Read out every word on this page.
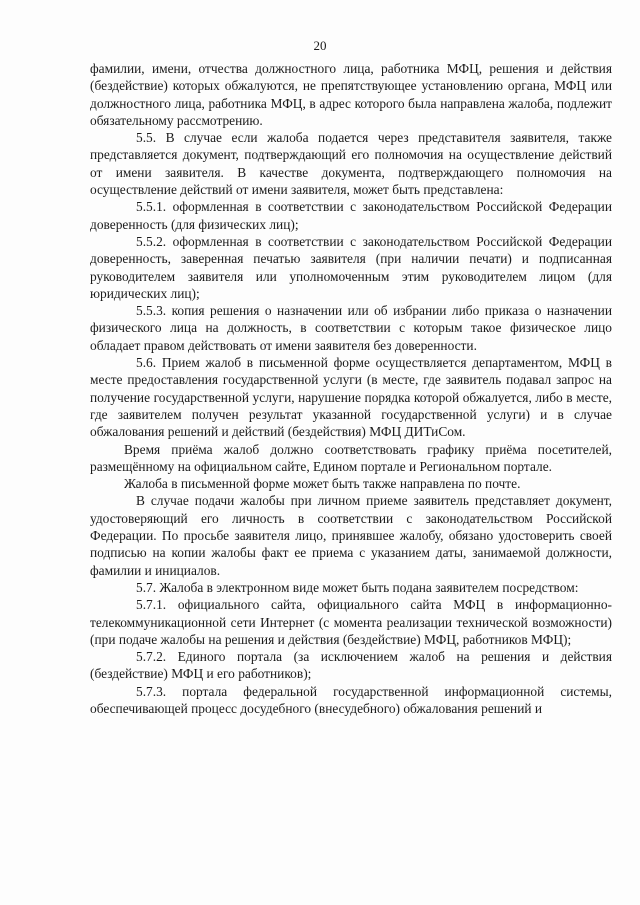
20

фамилии, имени, отчества должностного лица, работника МФЦ, решения и действия (бездействие) которых обжалуются, не препятствующее установлению органа, МФЦ или должностного лица, работника МФЦ, в адрес которого была направлена жалоба, подлежит обязательному рассмотрению.

5.5. В случае если жалоба подается через представителя заявителя, также представляется документ, подтверждающий его полномочия на осуществление действий от имени заявителя. В качестве документа, подтверждающего полномочия на осуществление действий от имени заявителя, может быть представлена:

5.5.1. оформленная в соответствии с законодательством Российской Федерации доверенность (для физических лиц);

5.5.2. оформленная в соответствии с законодательством Российской Федерации доверенность, заверенная печатью заявителя (при наличии печати) и подписанная руководителем заявителя или уполномоченным этим руководителем лицом (для юридических лиц);

5.5.3. копия решения о назначении или об избрании либо приказа о назначении физического лица на должность, в соответствии с которым такое физическое лицо обладает правом действовать от имени заявителя без доверенности.

5.6. Прием жалоб в письменной форме осуществляется департаментом, МФЦ в месте предоставления государственной услуги (в месте, где заявитель подавал запрос на получение государственной услуги, нарушение порядка которой обжалуется, либо в месте, где заявителем получен результат указанной государственной услуги) и в случае обжалования решений и действий (бездействия) МФЦ ДИТиСом.

Время приёма жалоб должно соответствовать графику приёма посетителей, размещённому на официальном сайте, Едином портале и Региональном портале.

Жалоба в письменной форме может быть также направлена по почте.

В случае подачи жалобы при личном приеме заявитель представляет документ, удостоверяющий его личность в соответствии с законодательством Российской Федерации. По просьбе заявителя лицо, принявшее жалобу, обязано удостоверить своей подписью на копии жалобы факт ее приема с указанием даты, занимаемой должности, фамилии и инициалов.

5.7. Жалоба в электронном виде может быть подана заявителем посредством:

5.7.1. официального сайта, официального сайта МФЦ в информационно-телекоммуникационной сети Интернет (с момента реализации технической возможности) (при подаче жалобы на решения и действия (бездействие) МФЦ, работников МФЦ);

5.7.2. Единого портала (за исключением жалоб на решения и действия (бездействие) МФЦ и его работников);

5.7.3. портала федеральной государственной информационной системы, обеспечивающей процесс досудебного (внесудебного) обжалования решений и
